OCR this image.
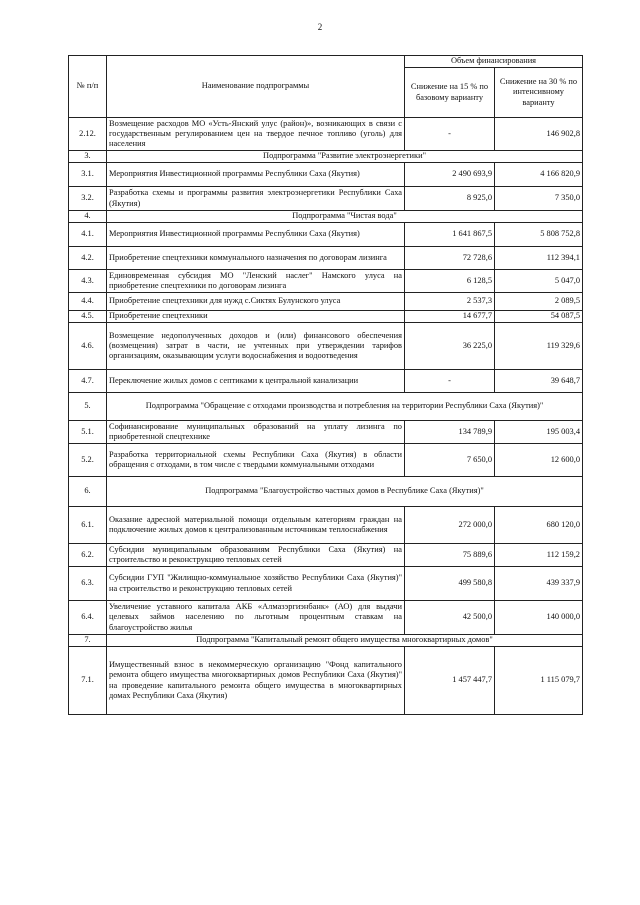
2
№ п/п	Наименование подпрограммы	Объем финансирования	
		Снижение на 15 % по базовому варианту	Снижение на 30 % по интенсивному варианту
2.12.	Возмещение расходов МО «Усть-Янский улус (район)», возникающих в связи с государственным регулированием цен на твердое печное топливо (уголь) для населения	-	146 902,8
3.	Подпрограмма "Развитие электроэнергетики"		
3.1.	Мероприятия Инвестиционной программы Республики Саха (Якутия)	2 490 693,9	4 166 820,9
3.2.	Разработка схемы и программы развития электроэнергетики Республики Саха (Якутия)	8 925,0	7 350,0
4.	Подпрограмма "Чистая вода"		
4.1.	Мероприятия Инвестиционной программы Республики Саха (Якутия)	1 641 867,5	5 808 752,8
4.2.	Приобретение спецтехники коммунального назначения по договорам лизинга	72 728,6	112 394,1
4.3.	Единовременная субсидия МО "Ленский наслег" Намского улуса на приобретение спецтехники по договорам лизинга	6 128,5	5 047,0
4.4.	Приобретение спецтехники для нужд с.Сиктях Булунского улуса	2 537,3	2 089,5
4.5.	Приобретение спецтехники	14 677,7	54 087,5
4.6.	Возмещение недополученных доходов и (или) финансового обеспечения (возмещения) затрат в части, не учтенных при утверждении тарифов организациям, оказывающим услуги водоснабжения и водоотведения	36 225,0	119 329,6
4.7.	Переключение жилых домов с септиками к центральной канализации	-	39 648,7
5.	Подпрограмма "Обращение с отходами производства и потребления на территории Республики Саха (Якутия)"		
5.1.	Софинансирование муниципальных образований на уплату лизинга по приобретенной спецтехнике	134 789,9	195 003,4
5.2.	Разработка территориальной схемы Республики Саха (Якутия) в области обращения с отходами, в том числе с твердыми коммунальными отходами	7 650,0	12 600,0
6.	Подпрограмма "Благоустройство частных домов в Республике Саха (Якутия)"		
6.1.	Оказание адресной материальной помощи отдельным категориям граждан на подключение жилых домов к централизованным источникам теплоснабжения	272 000,0	680 120,0
6.2.	Субсидии муниципальным образованиям Республики Саха (Якутия) на строительство и реконструкцию тепловых сетей	75 889,6	112 159,2
6.3.	Субсидии ГУП "Жилищно-коммунальное хозяйство Республики Саха (Якутия)" на строительство и реконструкцию тепловых сетей	499 580,8	439 337,9
6.4.	Увеличение уставного капитала АКБ «Алмазэргиэнбанк» (АО) для выдачи целевых займов населению по льготным процентным ставкам на благоустройство жилья	42 500,0	140 000,0
7.	Подпрограмма "Капитальный ремонт общего имущества многоквартирных домов"		
7.1.	Имущественный взнос в некоммерческую организацию "Фонд капитального ремонта общего имущества многоквартирных домов Республики Саха (Якутия)" на проведение капитального ремонта общего имущества в многоквартирных домах Республики Саха (Якутия)	1 457 447,7	1 115 079,7
